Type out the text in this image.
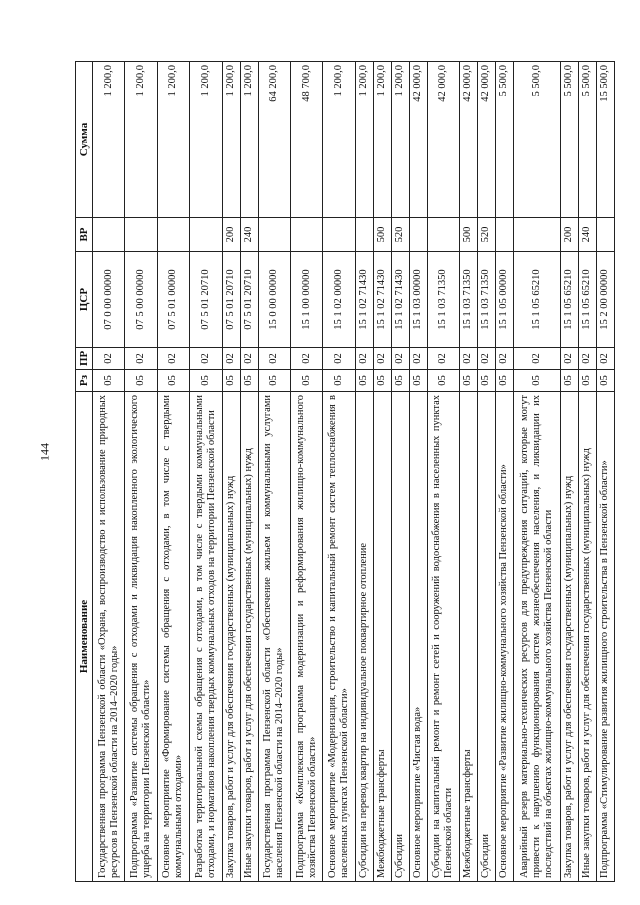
144
Наименование	Рз	ПР	ЦСР	ВР	Сумма
Государственная программа Пензенской области «Охрана, воспроизводство и использование природных ресурсов в Пензенской области на 2014–2020 годы»	05	02	07 0 00 00000		1 200,0
Подпрограмма «Развитие системы обращения с отходами и ликвидация накопленного экологического ущерба на территории Пензенской области»	05	02	07 5 00 00000		1 200,0
Основное мероприятие «Формирование системы обращения с отходами, в том числе с твердыми коммунальными отходами»	05	02	07 5 01 00000		1 200,0
Разработка территориальной схемы обращения с отходами, в том числе с твердыми коммунальными отходами, и нормативов накопления твердых коммунальных отходов на территории Пензенской области	05	02	07 5 01 20710		1 200,0
Закупка товаров, работ и услуг для обеспечения государственных (муниципальных) нужд	05	02	07 5 01 20710	200	1 200,0
Иные закупки товаров, работ и услуг для обеспечения государственных (муниципальных) нужд	05	02	07 5 01 20710	240	1 200,0
Государственная программа Пензенской области «Обеспечение жильем и коммунальными услугами населения Пензенской области на 2014–2020 годы»	05	02	15 0 00 00000		64 200,0
Подпрограмма «Комплексная программа модернизации и реформирования жилищно-коммунального хозяйства Пензенской области»	05	02	15 1 00 00000		48 700,0
Основное мероприятие «Модернизация, строительство и капитальный ремонт систем теплоснабжения в населенных пунктах Пензенской области»	05	02	15 1 02 00000		1 200,0
Субсидии на перевод квартир на индивидуальное поквартирное отопление	05	02	15 1 02 71430		1 200,0
Межбюджетные трансферты	05	02	15 1 02 71430	500	1 200,0
Субсидии	05	02	15 1 02 71430	520	1 200,0
Основное мероприятие «Чистая вода»	05	02	15 1 03 00000		42 000,0
Субсидии на капитальный ремонт и ремонт сетей и сооружений водоснабжения в населенных пунктах Пензенской области	05	02	15 1 03 71350		42 000,0
Межбюджетные трансферты	05	02	15 1 03 71350	500	42 000,0
Субсидии	05	02	15 1 03 71350	520	42 000,0
Основное мероприятие «Развитие жилищно-коммунального хозяйства Пензенской области»	05	02	15 1 05 00000		5 500,0
Аварийный резерв материально-технических ресурсов для предупреждения ситуаций, которые могут привести к нарушению функционирования систем жизнеобеспечения населения, и ликвидации их последствий на объектах жилищно-коммунального хозяйства Пензенской области	05	02	15 1 05 65210		5 500,0
Закупка товаров, работ и услуг для обеспечения государственных (муниципальных) нужд	05	02	15 1 05 65210	200	5 500,0
Иные закупки товаров, работ и услуг для обеспечения государственных (муниципальных) нужд	05	02	15 1 05 65210	240	5 500,0
Подпрограмма «Стимулирование развития жилищного строительства в Пензенской области»	05	02	15 2 00 00000		15 500,0
